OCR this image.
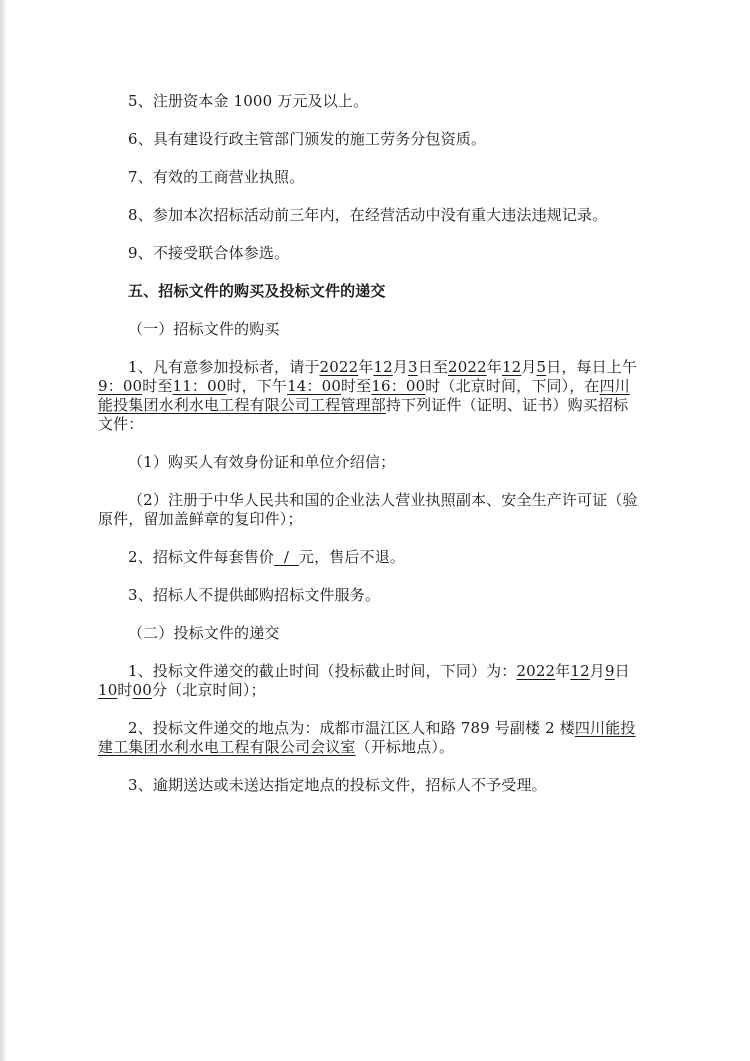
5、注册资本金 1000 万元及以上。

6、具有建设行政主管部门颁发的施工劳务分包资质。

7、有效的工商营业执照。

8、参加本次招标活动前三年内，在经营活动中没有重大违法违规记录。

9、不接受联合体参选。

五、招标文件的购买及投标文件的递交

（一）招标文件的购买

1、凡有意参加投标者，请于2022年12月3日至2022年12月5日，每日上午9：00时至11：00时，下午14：00时至16：00时（北京时间，下同），在四川能投集团水利水电工程有限公司工程管理部持下列证件（证明、证书）购买招标文件：

（1）购买人有效身份证和单位介绍信；

（2）注册于中华人民共和国的企业法人营业执照副本、安全生产许可证（验原件，留加盖鲜章的复印件）；

2、招标文件每套售价  /  元，售后不退。

3、招标人不提供邮购招标文件服务。

（二）投标文件的递交

1、投标文件递交的截止时间（投标截止时间，下同）为：2022年12月9日10时00分（北京时间）；

2、投标文件递交的地点为：成都市温江区人和路 789 号副楼 2 楼四川能投建工集团水利水电工程有限公司会议室（开标地点）。

3、逾期送达或未送达指定地点的投标文件，招标人不予受理。
